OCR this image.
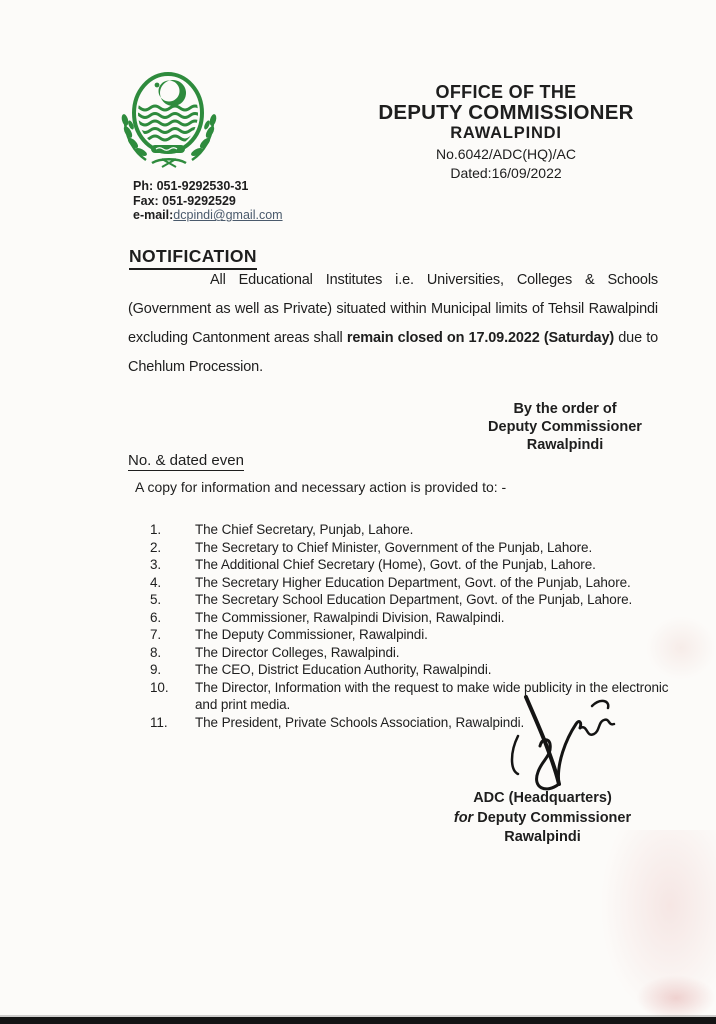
OFFICE OF THE
DEPUTY COMMISSIONER
RAWALPINDI
No.6042/ADC(HQ)/AC
Dated:16/09/2022
Ph: 051-9292530-31
Fax: 051-9292529
e-mail:dcpindi@gmail.com
NOTIFICATION
All Educational Institutes i.e. Universities, Colleges & Schools (Government as well as Private) situated within Municipal limits of Tehsil Rawalpindi excluding Cantonment areas shall remain closed on 17.09.2022 (Saturday) due to Chehlum Procession.
By the order of
Deputy Commissioner
Rawalpindi
No. & dated even
A copy for information and necessary action is provided to: -
1.	The Chief Secretary, Punjab, Lahore.
2.	The Secretary to Chief Minister, Government of the Punjab, Lahore.
3.	The Additional Chief Secretary (Home), Govt. of the Punjab, Lahore.
4.	The Secretary Higher Education Department, Govt. of the Punjab, Lahore.
5.	The Secretary School Education Department, Govt. of the Punjab, Lahore.
6.	The Commissioner, Rawalpindi Division, Rawalpindi.
7.	The Deputy Commissioner, Rawalpindi.
8.	The Director Colleges, Rawalpindi.
9.	The CEO, District Education Authority, Rawalpindi.
10.	The Director, Information with the request to make wide publicity in the electronic and print media.
11.	The President, Private Schools Association, Rawalpindi.
ADC (Headquarters)
for Deputy Commissioner
Rawalpindi
